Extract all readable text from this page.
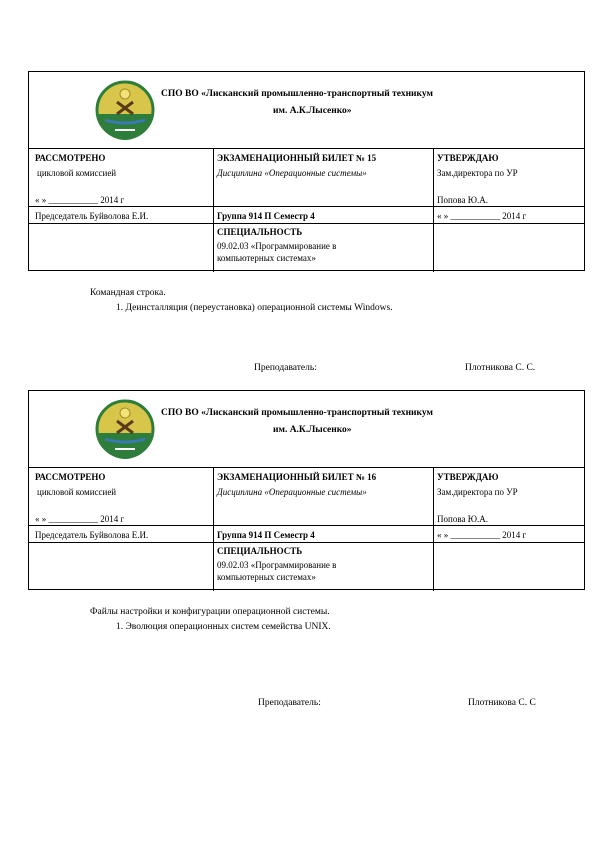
СПО ВО «Лисканский промышленно-транспортный техникум
им. А.К.Лысенко»
РАССМОТРЕНО
цикловой комиссией
« » ___________ 2014 г
Председатель Буйволова Е.И.
ЭКЗАМЕНАЦИОННЫЙ БИЛЕТ № 15
Дисциплина «Операционные системы»
Группа 914 П Семестр 4
СПЕЦИАЛЬНОСТЬ
09.02.03 «Программирование в
компьютерных системах»
УТВЕРЖДАЮ
Зам.директора по УР
Попова Ю.А.
« » ___________ 2014 г
Командная строка.
1. Деинсталляция (переустановка) операционной системы Windows.
Преподаватель:	Плотникова С. С.
СПО ВО «Лисканский промышленно-транспортный техникум
им. А.К.Лысенко»
РАССМОТРЕНО
цикловой комиссией
« » ___________ 2014 г
Председатель Буйволова Е.И.
ЭКЗАМЕНАЦИОННЫЙ БИЛЕТ № 16
Дисциплина «Операционные системы»
Группа 914 П Семестр 4
СПЕЦИАЛЬНОСТЬ
09.02.03 «Программирование в
компьютерных системах»
УТВЕРЖДАЮ
Зам.директора по УР
Попова Ю.А.
« » ___________ 2014 г
Файлы настройки и конфигурации операционной системы.
1. Эволюция операционных систем семейства UNIX.
Преподаватель:	Плотникова С. С
